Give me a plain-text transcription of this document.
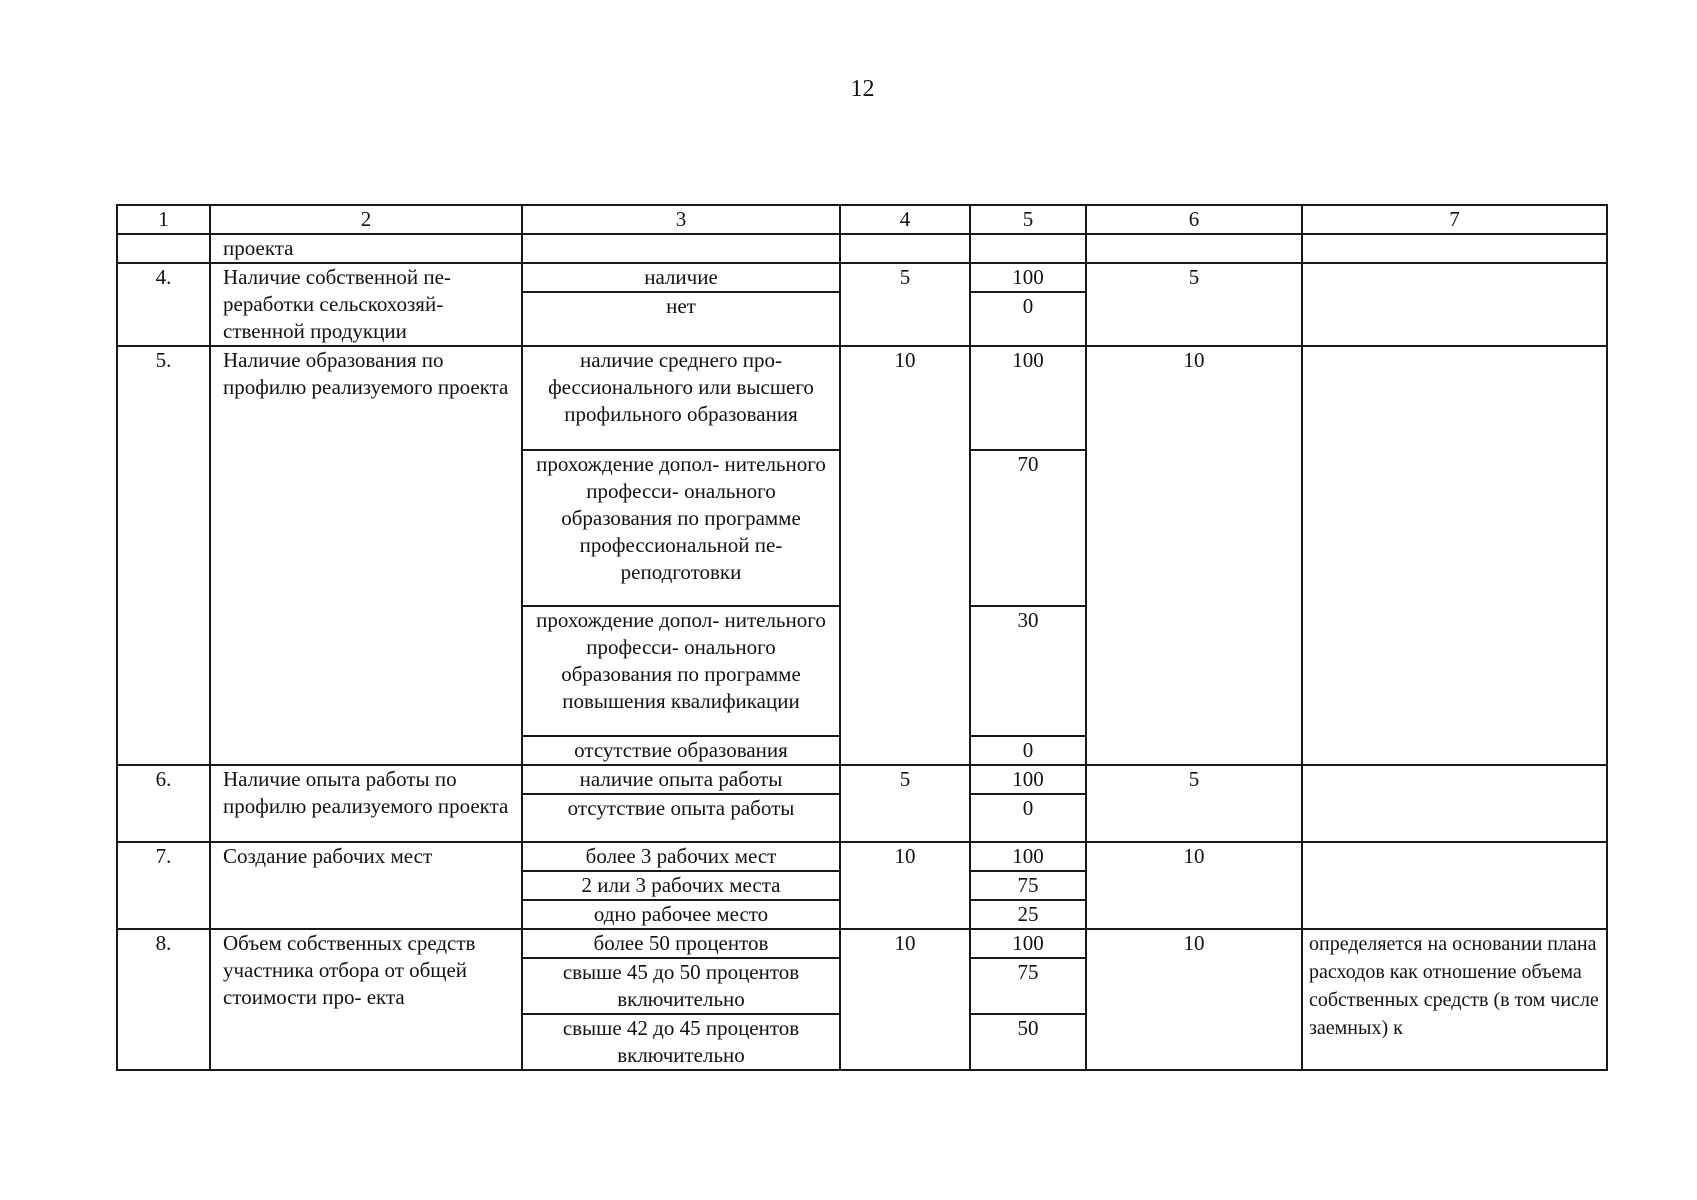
12
1	2	3	4	5	6	7
	проекта					
4.	Наличие собственной пе- реработки сельскохозяй- ственной продукции	наличие	5	100	5	
		нет		0		
5.	Наличие образования по профилю реализуемого проекта	наличие среднего про- фессионального или высшего профильного образования	10	100	10	
		прохождение допол- нительного професси- онального образования по программе профессиональной пе- реподготовки		70		
		прохождение допол- нительного професси- онального образования по программе повышения квалификации		30		
		отсутствие образования		0		
6.	Наличие опыта работы по профилю реализуемого проекта	наличие опыта работы	5	100	5	
		отсутствие опыта работы		0		
7.	Создание рабочих мест	более 3 рабочих мест	10	100	10	
		2 или 3 рабочих места		75		
		одно рабочее место		25		
8.	Объем собственных средств участника отбора от общей стоимости про- екта	более 50 процентов	10	100	10	определяется на основании плана расходов как отношение объема собственных средств (в том числе заемных) к
		свыше 45 до 50 процентов включительно		75		
		свыше 42 до 45 процентов включительно		50		
